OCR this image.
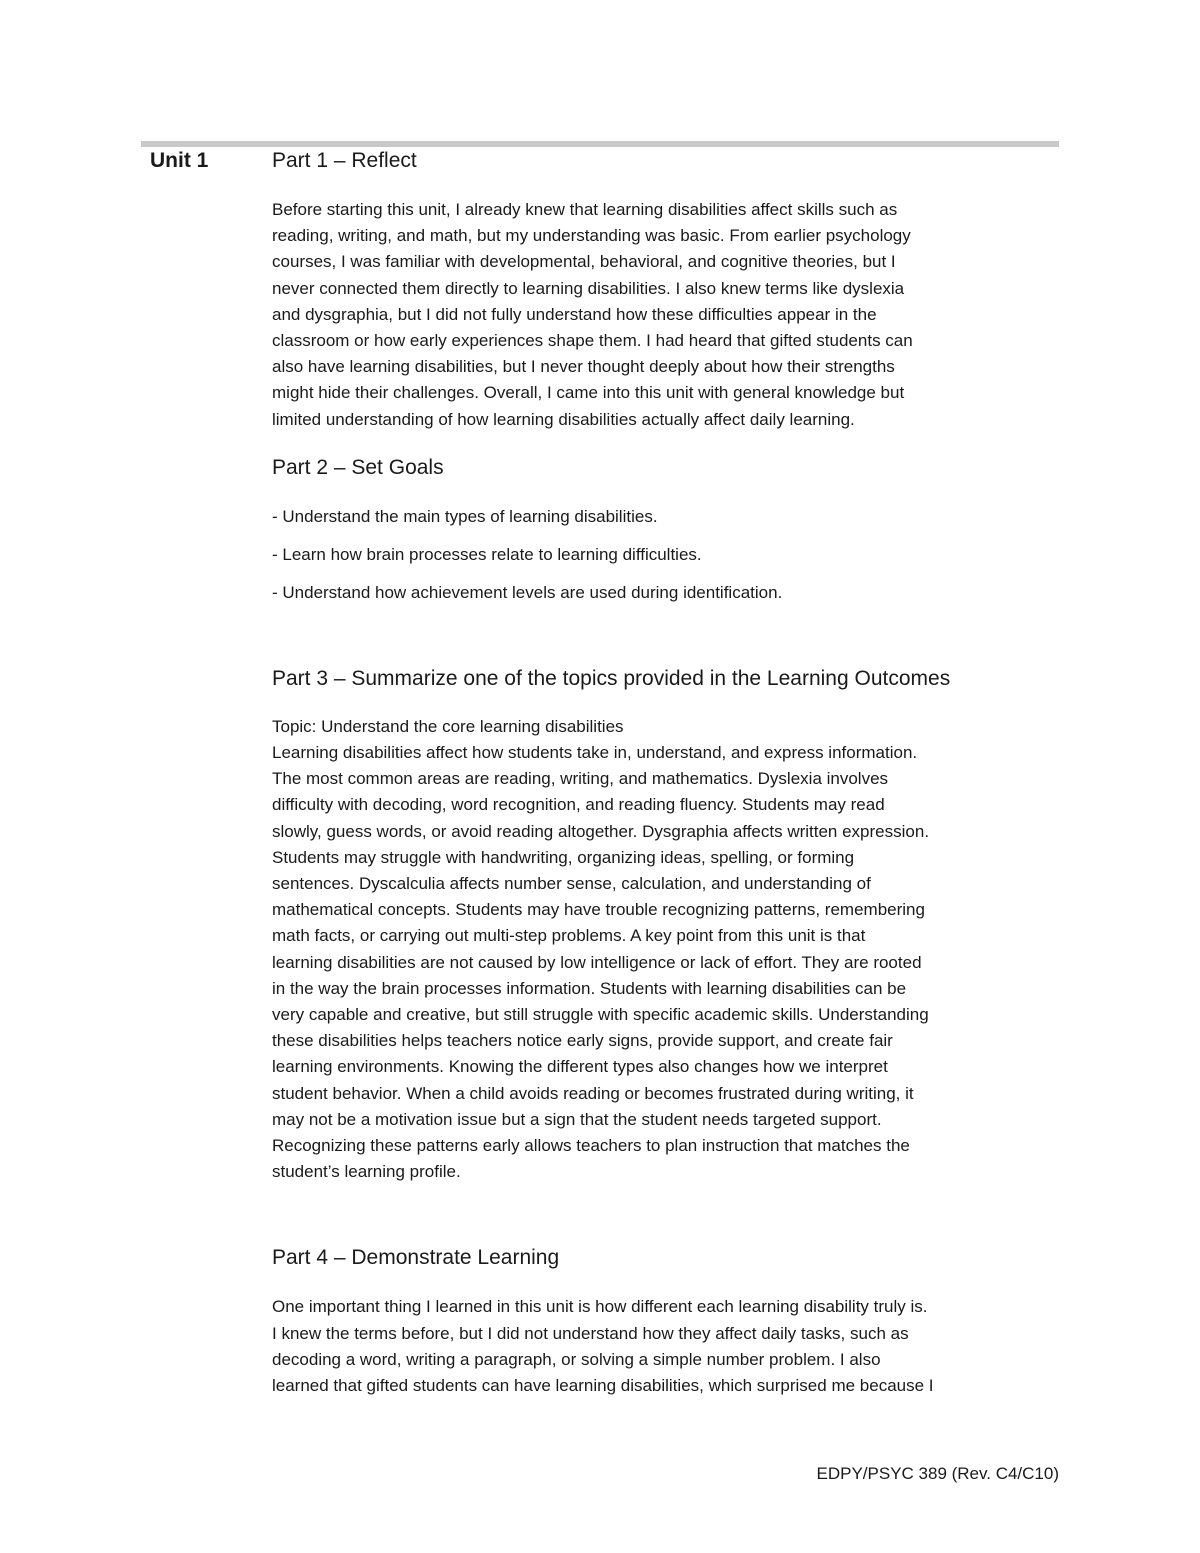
Unit 1	Part 1 – Reflect
Before starting this unit, I already knew that learning disabilities affect skills such as
reading, writing, and math, but my understanding was basic. From earlier psychology
courses, I was familiar with developmental, behavioral, and cognitive theories, but I
never connected them directly to learning disabilities. I also knew terms like dyslexia
and dysgraphia, but I did not fully understand how these difficulties appear in the
classroom or how early experiences shape them. I had heard that gifted students can
also have learning disabilities, but I never thought deeply about how their strengths
might hide their challenges. Overall, I came into this unit with general knowledge but
limited understanding of how learning disabilities actually affect daily learning.
Part 2 – Set Goals
- Understand the main types of learning disabilities.
- Learn how brain processes relate to learning difficulties.
- Understand how achievement levels are used during identification.
Part 3 – Summarize one of the topics provided in the Learning Outcomes
Topic: Understand the core learning disabilities
Learning disabilities affect how students take in, understand, and express information.
The most common areas are reading, writing, and mathematics. Dyslexia involves
difficulty with decoding, word recognition, and reading fluency. Students may read
slowly, guess words, or avoid reading altogether. Dysgraphia affects written expression.
Students may struggle with handwriting, organizing ideas, spelling, or forming
sentences. Dyscalculia affects number sense, calculation, and understanding of
mathematical concepts. Students may have trouble recognizing patterns, remembering
math facts, or carrying out multi-step problems. A key point from this unit is that
learning disabilities are not caused by low intelligence or lack of effort. They are rooted
in the way the brain processes information. Students with learning disabilities can be
very capable and creative, but still struggle with specific academic skills. Understanding
these disabilities helps teachers notice early signs, provide support, and create fair
learning environments. Knowing the different types also changes how we interpret
student behavior. When a child avoids reading or becomes frustrated during writing, it
may not be a motivation issue but a sign that the student needs targeted support.
Recognizing these patterns early allows teachers to plan instruction that matches the
student’s learning profile.
Part 4 – Demonstrate Learning
One important thing I learned in this unit is how different each learning disability truly is.
I knew the terms before, but I did not understand how they affect daily tasks, such as
decoding a word, writing a paragraph, or solving a simple number problem. I also
learned that gifted students can have learning disabilities, which surprised me because I
EDPY/PSYC 389 (Rev. C4/C10)
